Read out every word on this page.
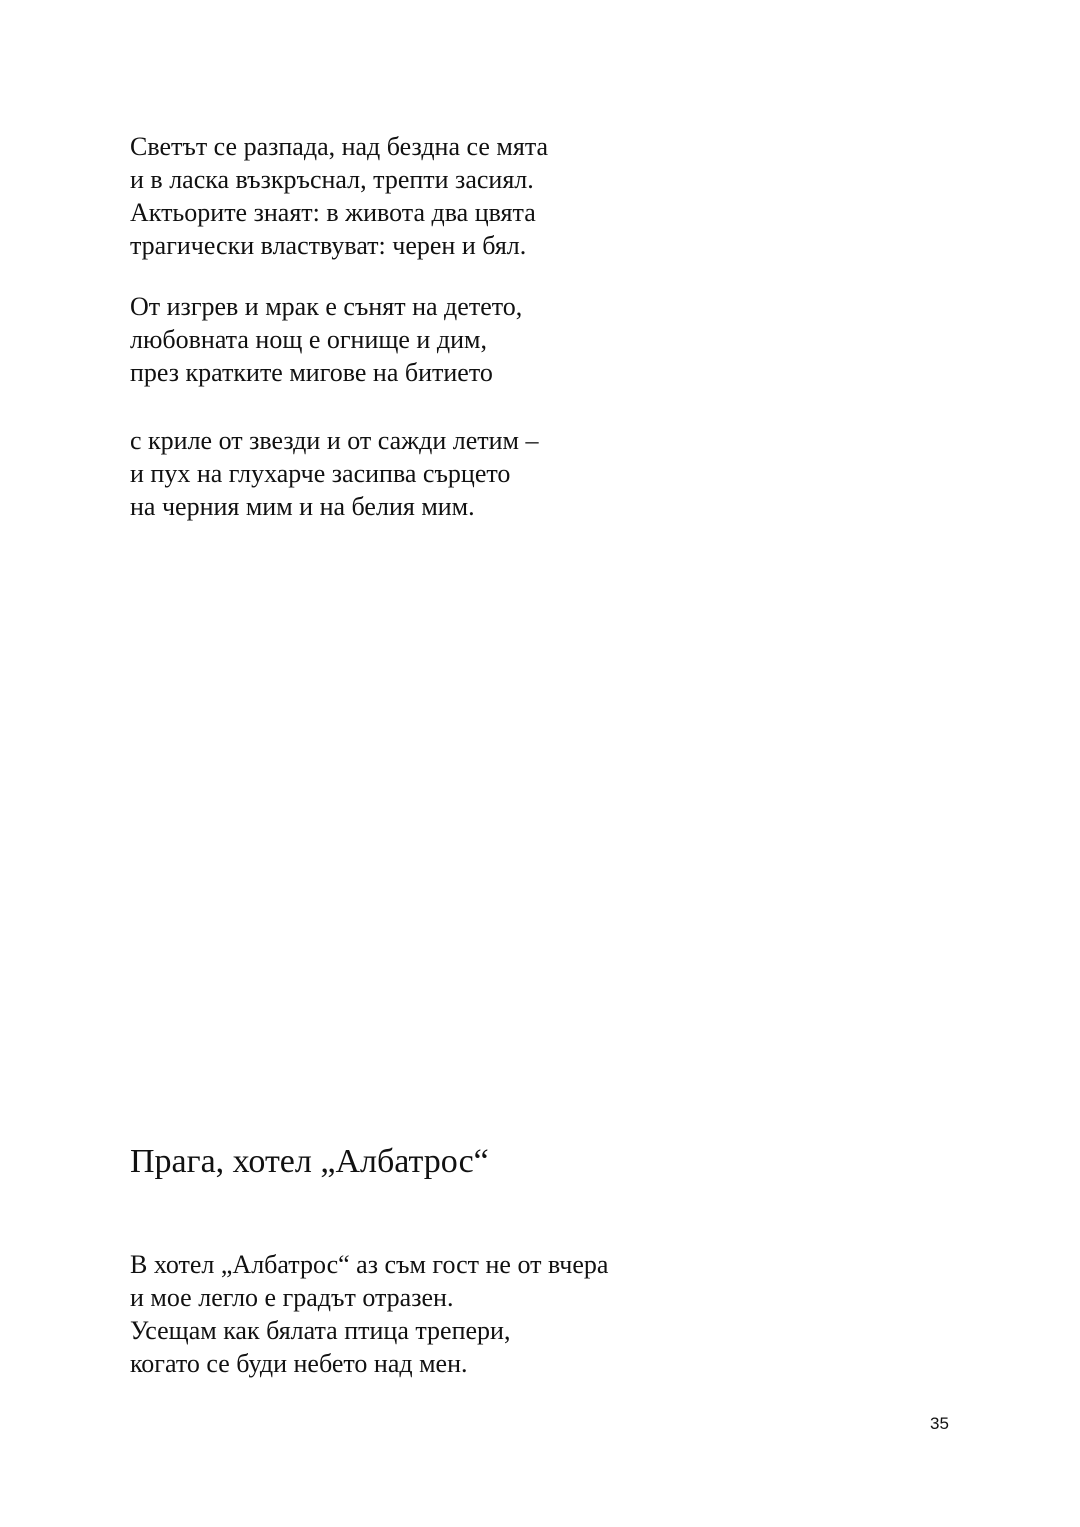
Светът се разпада, над бездна се мята
и в ласка възкръснал, трепти засиял.
Актьорите знаят: в живота два цвята
трагически властвуват: черен и бял.
От изгрев и мрак е сънят на детето,
любовната нощ е огнище и дим,
през кратките мигове на битието
с криле от звезди и от сажди летим –
и пух на глухарче засипва сърцето
на черния мим и на белия мим.
Прага, хотел „Албатрос“
В хотел „Албатрос“ аз съм гост не от вчера
и мое легло е градът отразен.
Усещам как бялата птица трепери,
когато се буди небето над мен.
35
